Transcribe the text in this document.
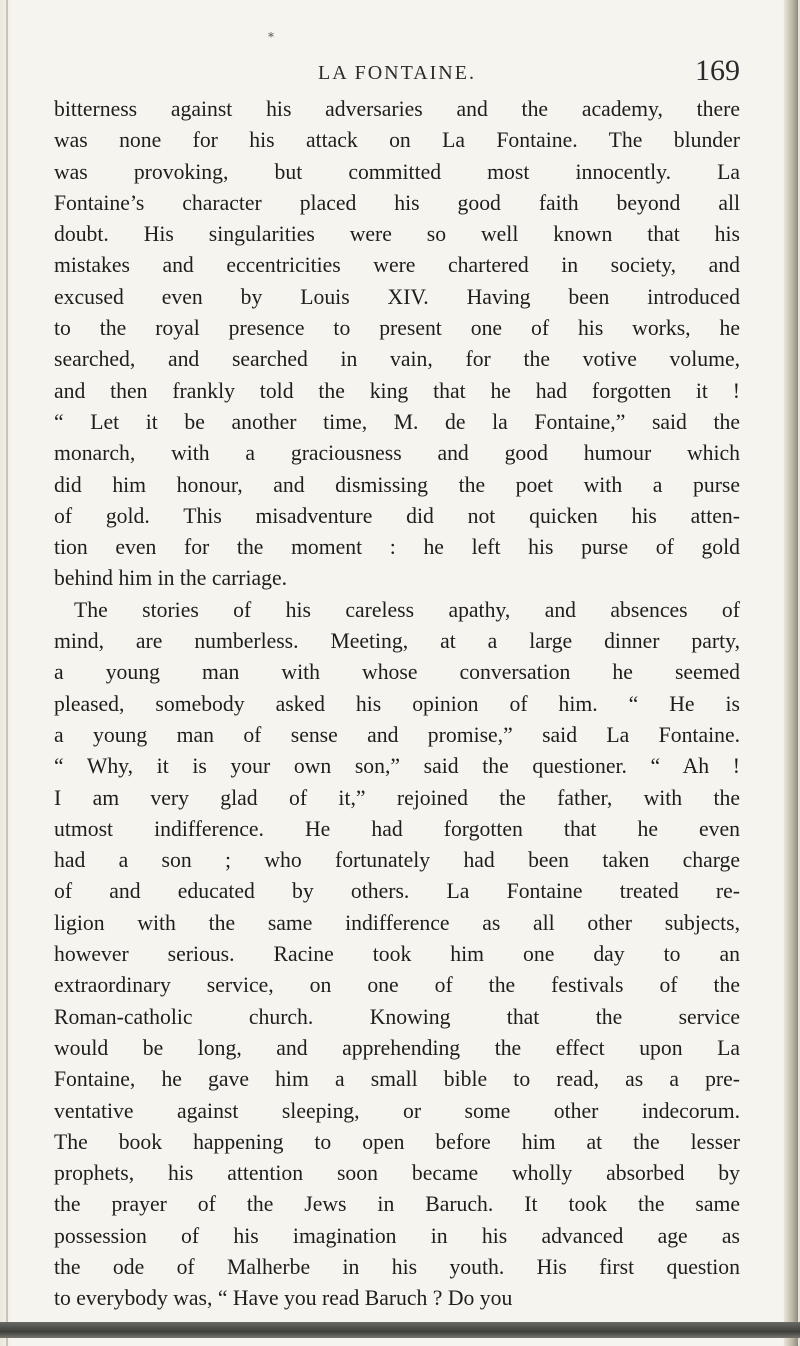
*
LA FONTAINE.	169
bitterness against his adversaries and the academy, there
was none for his attack on La Fontaine. The blunder
was provoking, but committed most innocently. La
Fontaine’s character placed his good faith beyond all
doubt. His singularities were so well known that his
mistakes and eccentricities were chartered in society, and
excused even by Louis XIV. Having been introduced
to the royal presence to present one of his works, he
searched, and searched in vain, for the votive volume,
and then frankly told the king that he had forgotten it !
“ Let it be another time, M. de la Fontaine,” said the
monarch, with a graciousness and good humour which
did him honour, and dismissing the poet with a purse
of gold. This misadventure did not quicken his atten-
tion even for the moment : he left his purse of gold
behind him in the carriage.
The stories of his careless apathy, and absences of
mind, are numberless. Meeting, at a large dinner party,
a young man with whose conversation he seemed
pleased, somebody asked his opinion of him. “ He is
a young man of sense and promise,” said La Fontaine.
“ Why, it is your own son,” said the questioner. “ Ah !
I am very glad of it,” rejoined the father, with the
utmost indifference. He had forgotten that he even
had a son ; who fortunately had been taken charge
of and educated by others. La Fontaine treated re-
ligion with the same indifference as all other subjects,
however serious. Racine took him one day to an
extraordinary service, on one of the festivals of the
Roman-catholic church. Knowing that the service
would be long, and apprehending the effect upon La
Fontaine, he gave him a small bible to read, as a pre-
ventative against sleeping, or some other indecorum.
The book happening to open before him at the lesser
prophets, his attention soon became wholly absorbed by
the prayer of the Jews in Baruch. It took the same
possession of his imagination in his advanced age as
the ode of Malherbe in his youth. His first question
to everybody was, “ Have you read Baruch ? Do you
